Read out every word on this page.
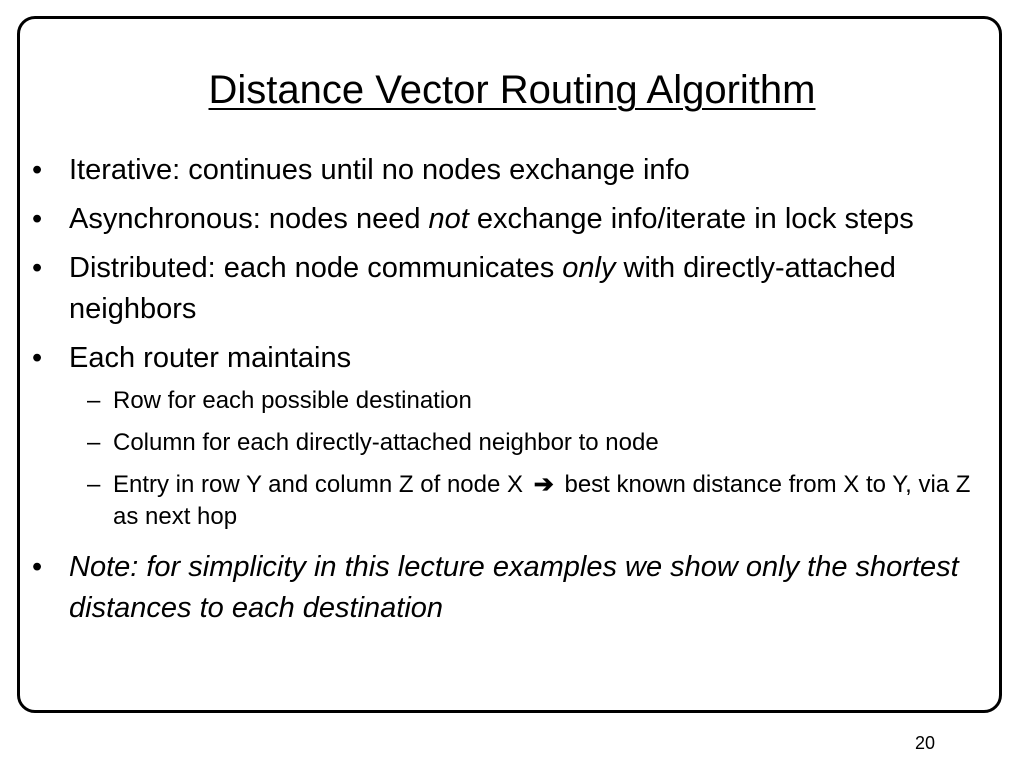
Distance Vector Routing Algorithm
• Iterative: continues until no nodes exchange info
• Asynchronous: nodes need not exchange info/iterate in lock steps
• Distributed: each node communicates only with directly-attached neighbors
• Each router maintains
– Row for each possible destination
– Column for each directly-attached neighbor to node
– Entry in row Y and column Z of node X ➔ best known distance from X to Y, via Z as next hop
• Note: for simplicity in this lecture examples we show only the shortest distances to each destination
20
